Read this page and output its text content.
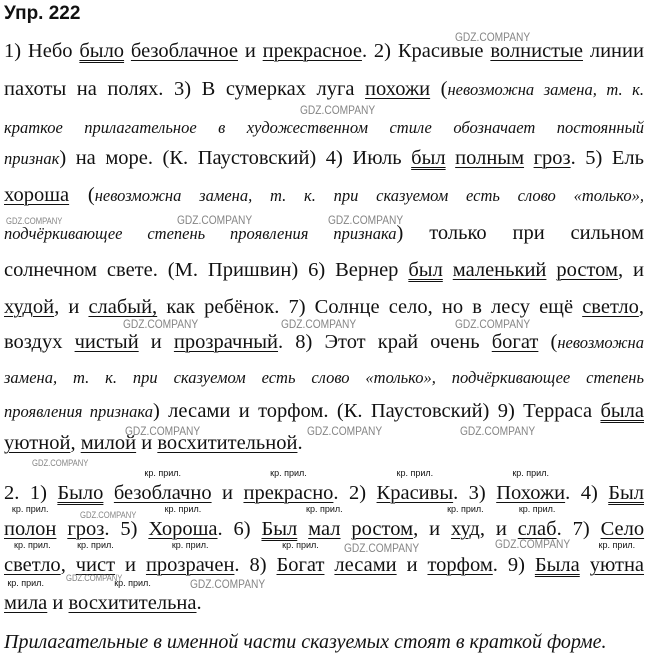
Упр. 222

1) Небо было безоблачное и прекрасное. 2) Красивые волнистые линии

пахоты на полях. 3) В сумерках луга похожи (невозможна замена, т. к.

краткое прилагательное в художественном стиле обозначает постоянный

признак) на море. (К. Паустовский) 4) Июль был полным гроз. 5) Ель

хороша (невозможна замена, т. к. при сказуемом есть слово «только»,

подчёркивающее степень проявления признака) только при сильном

солнечном свете. (М. Пришвин) 6) Вернер был маленький ростом, и

худой, и слабый, как ребёнок. 7) Солнце село, но в лесу ещё светло,

воздух чистый и прозрачный. 8) Этот край очень богат (невозможна

замена, т. к. при сказуемом есть слово «только», подчёркивающее степень

проявления признака) лесами и торфом. (К. Паустовский) 9) Терраса была

уютной, милой и восхитительной.

2. 1) Было
кр. прил.
безоблачно и
кр. прил.
прекрасно. 2)
кр. прил.
Красивы. 3)
кр. прил.
Похожи. 4) Был

кр. прил.
полон гроз. 5)
кр. прил.
Хороша. 6) Был
кр. прил.
мал ростом, и
кр. прил.
худ, и
кр. прил.
слаб. 7) Село

кр. прил.
светло,
кр. прил.
чист и
кр. прил.
прозрачен. 8)
кр. прил.
Богат лесами и торфом. 9) Была
кр. прил.
уютна

кр. прил.
мила и
кр. прил.
восхитительна.

Прилагательные в именной части сказуемых стоят в краткой форме.

GDZ.COMPANY
GDZ.COMPANY
GDZ.COMPANY	GDZ.COMPANY
GDZ.COMPANY
GDZ.COMPANY	GDZ.COMPANY	GDZ.COMPANY
GDZ.COMPANY	GDZ.COMPANY	GDZ.COMPANY
GDZ.COMPANY
GDZ.COMPANY
GDZ.COMPANY	GDZ.COMPANY
GDZ.COMPANY	GDZ.COMPANY
